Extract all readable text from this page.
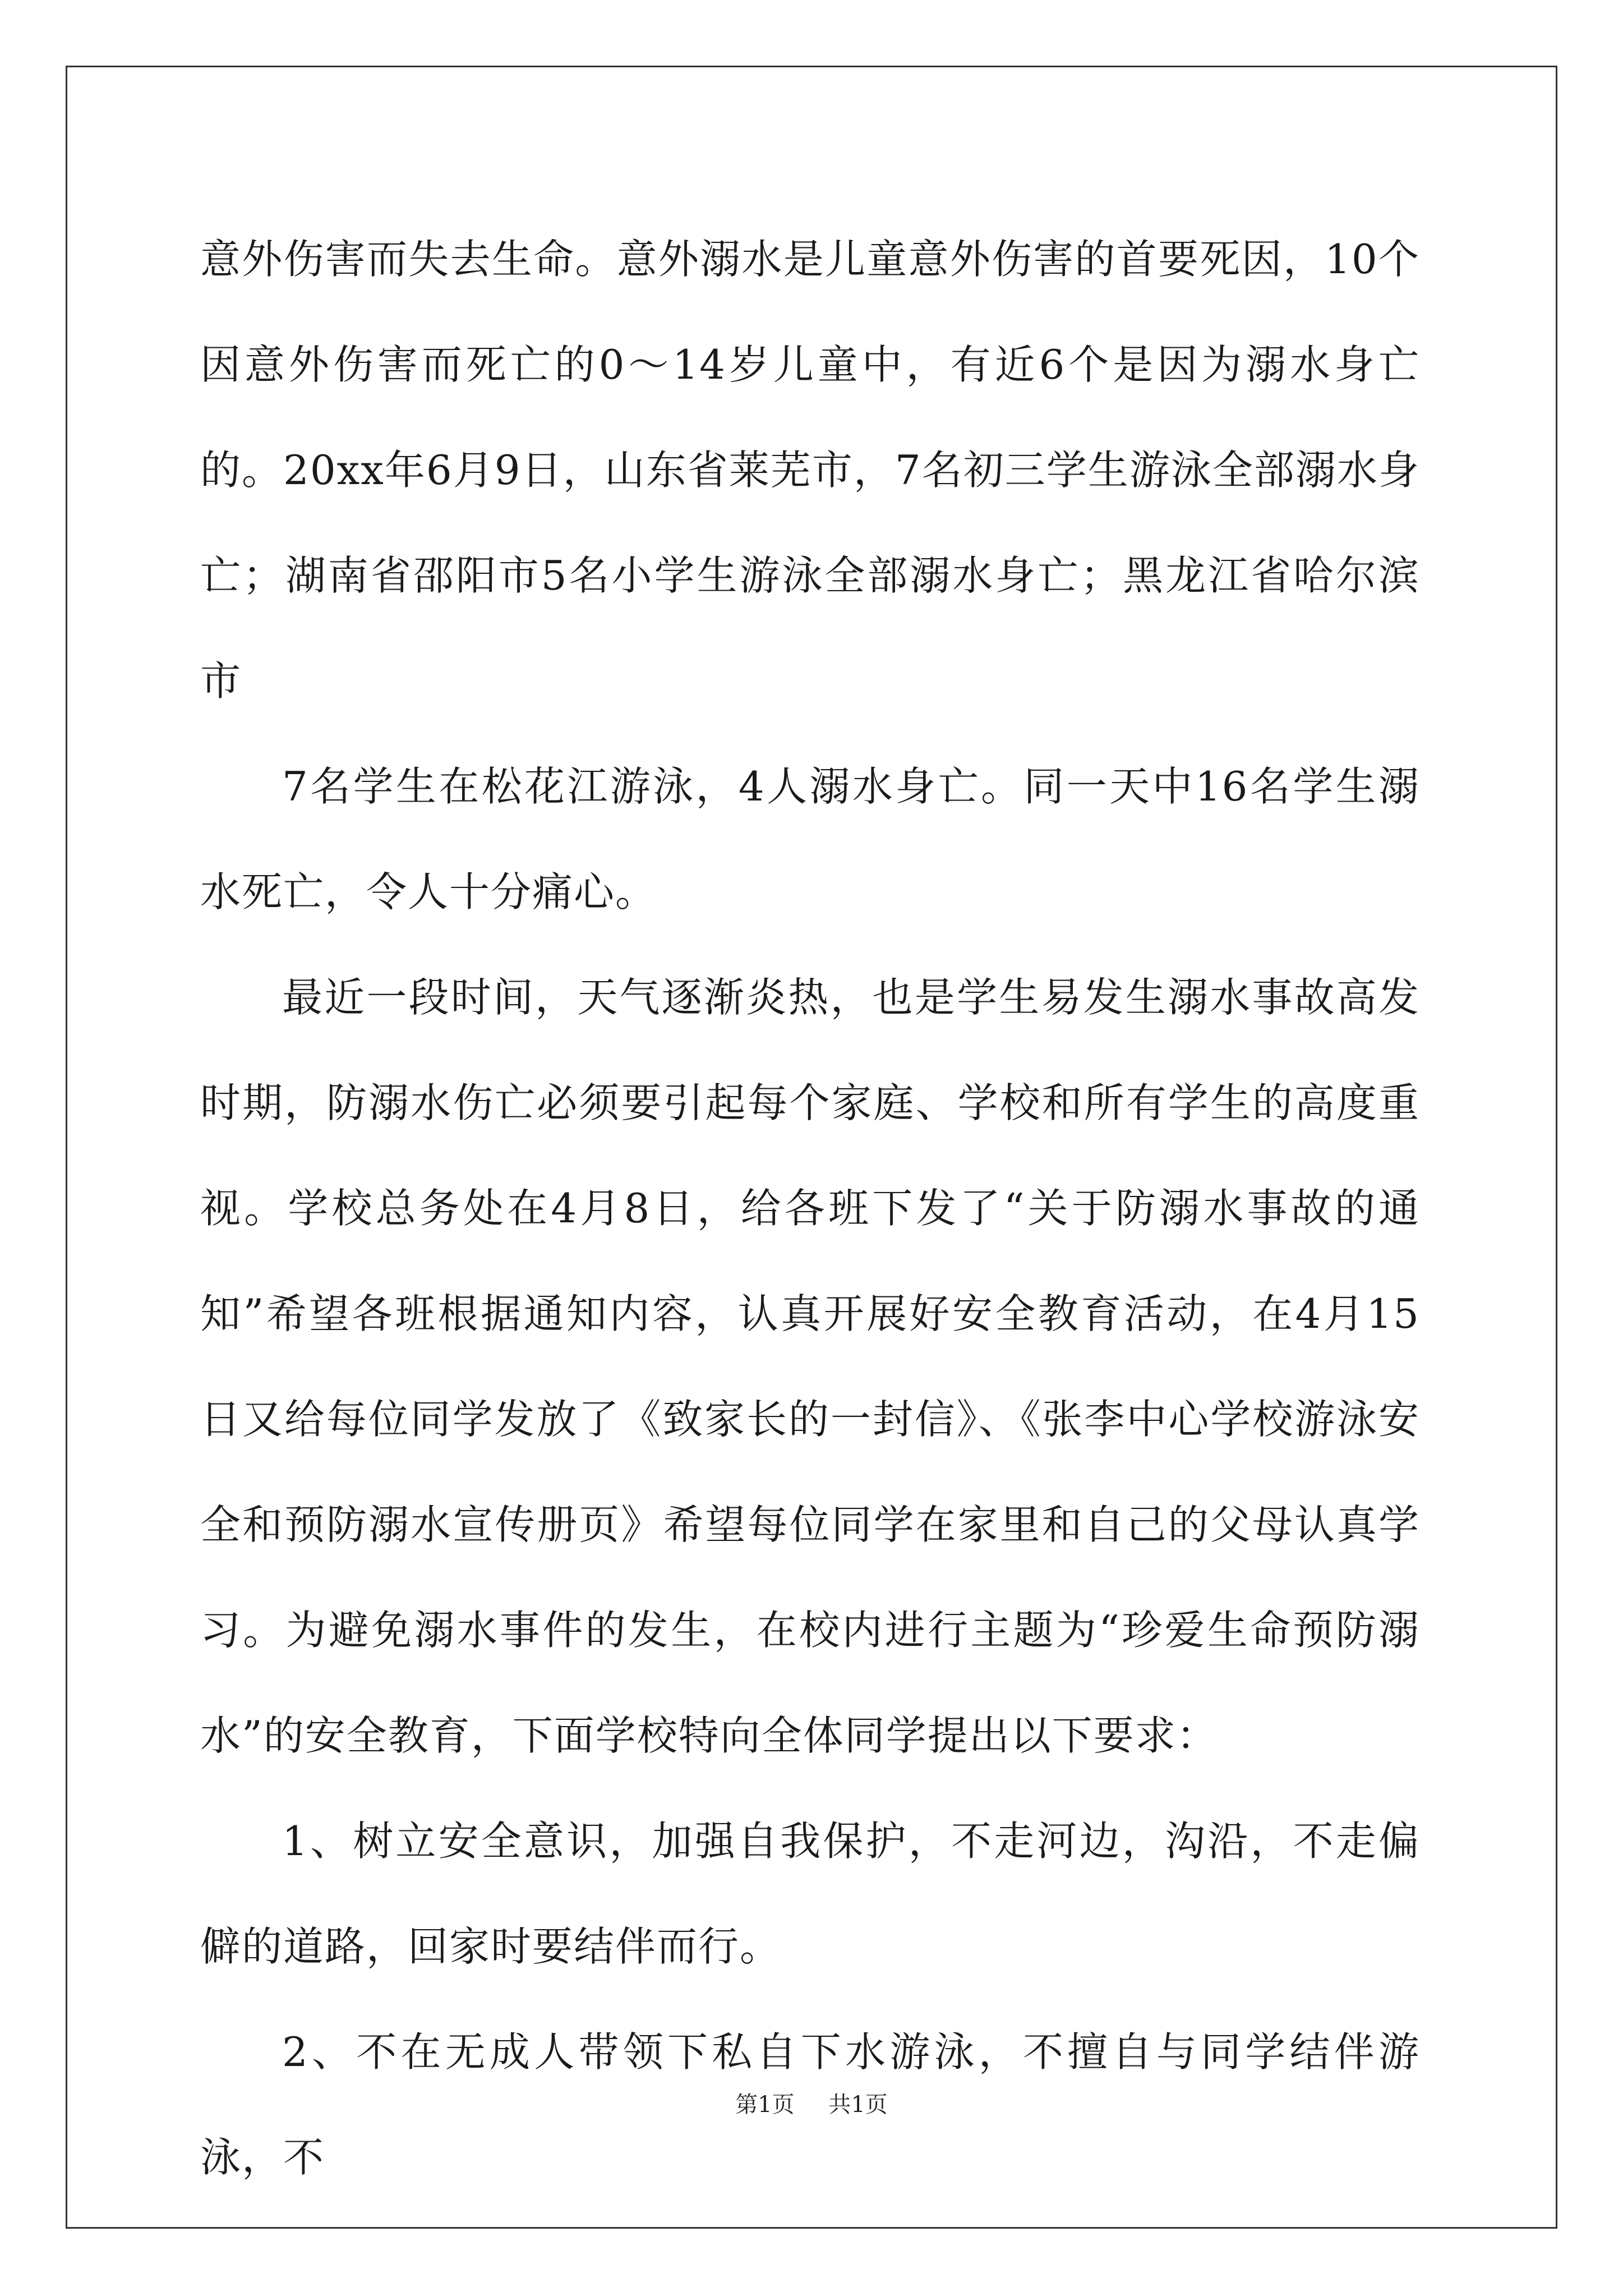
意外伤害而失去生命。意外溺水是儿童意外伤害的首要死因，10个因意外伤害而死亡的0～14岁儿童中，有近6个是因为溺水身亡的。20xx年6月9日，山东省莱芜市，7名初三学生游泳全部溺水身亡；湖南省邵阳市5名小学生游泳全部溺水身亡；黑龙江省哈尔滨市

7名学生在松花江游泳，4人溺水身亡。同一天中16名学生溺水死亡，令人十分痛心。

最近一段时间，天气逐渐炎热，也是学生易发生溺水事故高发时期，防溺水伤亡必须要引起每个家庭、学校和所有学生的高度重视。学校总务处在4月8日，给各班下发了“关于防溺水事故的通知”希望各班根据通知内容，认真开展好安全教育活动，在4月15日又给每位同学发放了《致家长的一封信》、《张李中心学校游泳安全和预防溺水宣传册页》希望每位同学在家里和自己的父母认真学习。为避免溺水事件的发生，在校内进行主题为“珍爱生命预防溺水”的安全教育，下面学校特向全体同学提出以下要求：

1、树立安全意识，加强自我保护，不走河边，沟沿，不走偏僻的道路，回家时要结伴而行。

2、不在无成人带领下私自下水游泳，不擅自与同学结伴游泳，不

第1页 共1页
